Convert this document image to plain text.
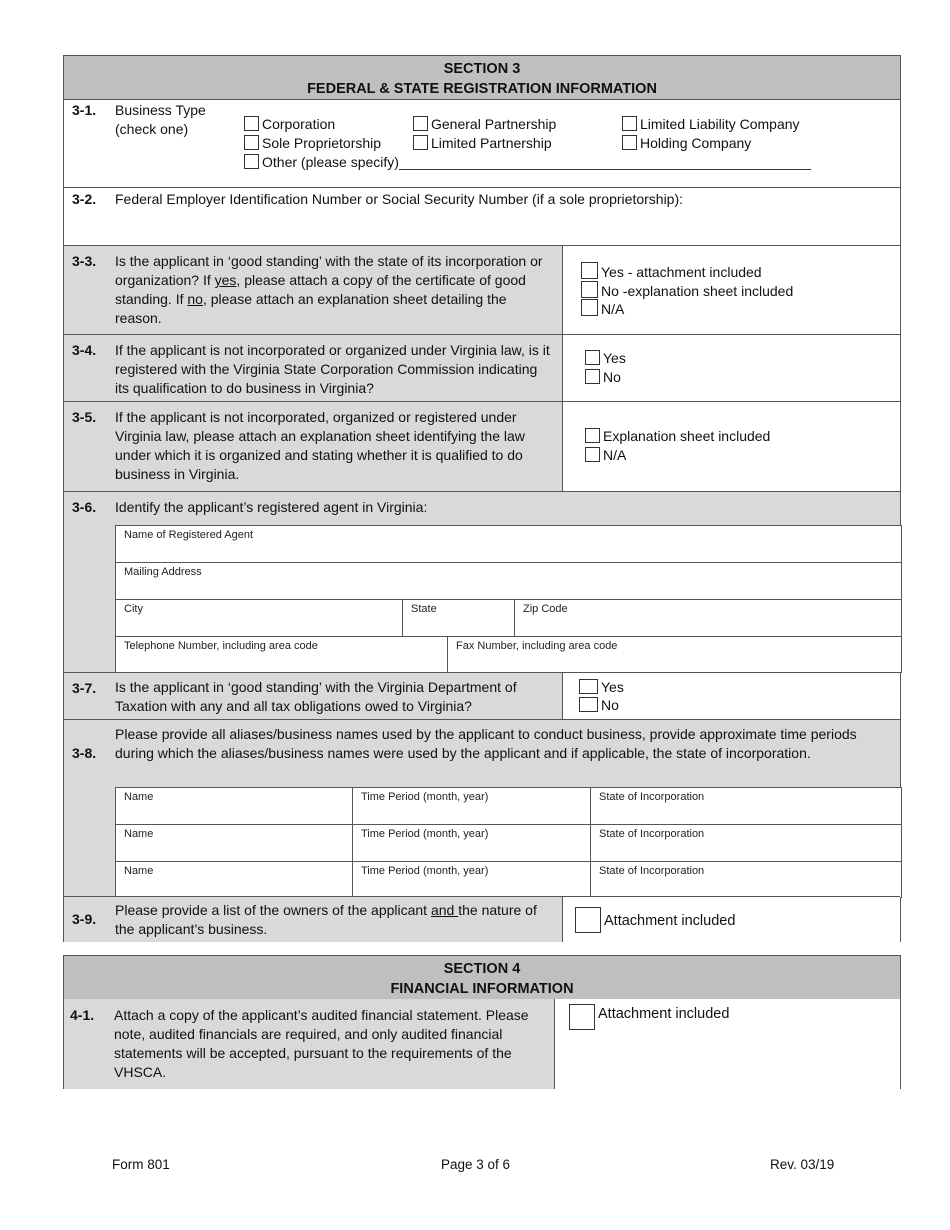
SECTION 3
FEDERAL & STATE REGISTRATION INFORMATION
3-1. Business Type
(check one)	Corporation	General Partnership	Limited Liability Company
Sole Proprietorship	Limited Partnership	Holding Company
Other (please specify)
3-2. Federal Employer Identification Number or Social Security Number (if a sole proprietorship):
3-3. Is the applicant in ‘good standing’ with the state of its incorporation or organization? If yes, please attach a copy of the certificate of good standing. If no, please attach an explanation sheet detailing the reason.
Yes - attachment included
No -explanation sheet included
N/A
3-4. If the applicant is not incorporated or organized under Virginia law, is it registered with the Virginia State Corporation Commission indicating its qualification to do business in Virginia?
Yes
No
3-5. If the applicant is not incorporated, organized or registered under Virginia law, please attach an explanation sheet identifying the law under which it is organized and stating whether it is qualified to do business in Virginia.
Explanation sheet included
N/A
3-6. Identify the applicant’s registered agent in Virginia:
Name of Registered Agent
Mailing Address
City	State	Zip Code
Telephone Number, including area code	Fax Number, including area code
3-7. Is the applicant in ‘good standing’ with the Virginia Department of Taxation with any and all tax obligations owed to Virginia?
Yes
No
3-8.
Please provide all aliases/business names used by the applicant to conduct business, provide approximate time periods during which the aliases/business names were used by the applicant and if applicable, the state of incorporation.
Name	Time Period (month, year)	State of Incorporation
Name	Time Period (month, year)	State of Incorporation
Name	Time Period (month, year)	State of Incorporation
3-9.
Please provide a list of the owners of the applicant and the nature of the applicant’s business.	Attachment included
SECTION 4
FINANCIAL INFORMATION
4-1. Attach a copy of the applicant’s audited financial statement. Please note, audited financials are required, and only audited financial statements will be accepted, pursuant to the requirements of the VHSCA.
Attachment included
Form 801	Page 3 of 6	Rev. 03/19
